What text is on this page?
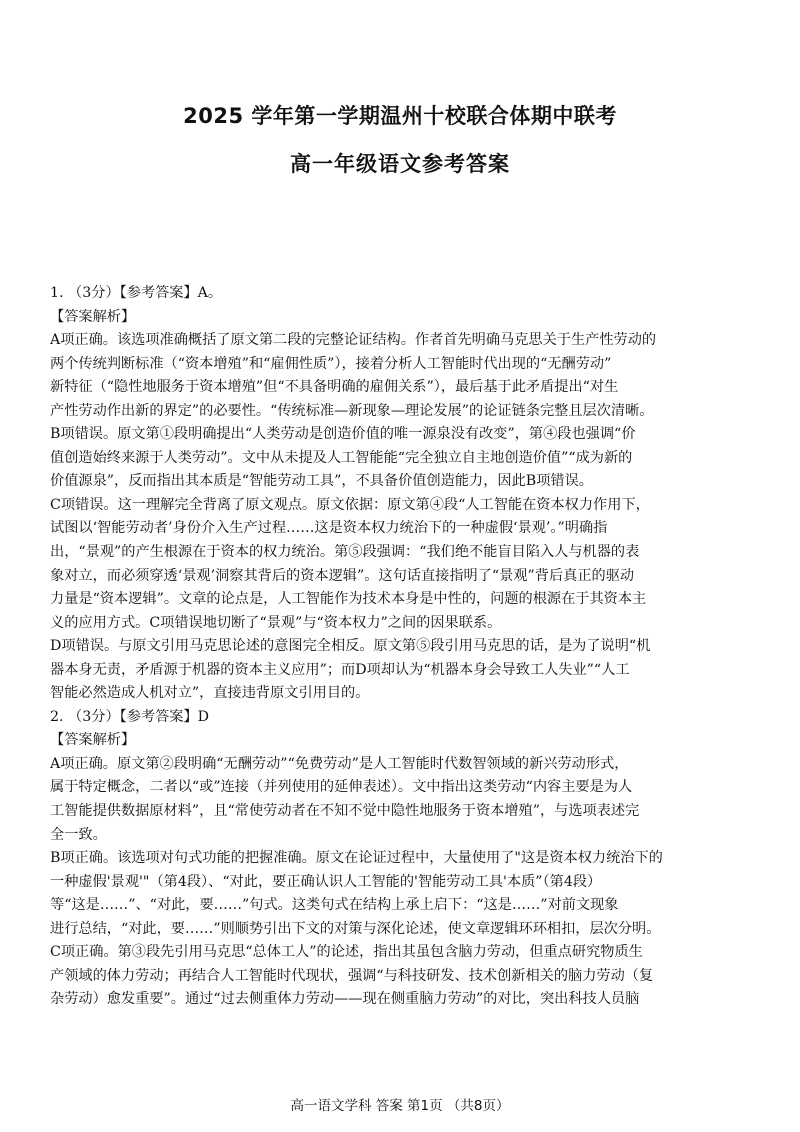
2025 学年第一学期温州十校联合体期中联考
高一年级语文参考答案
1. （3分）【参考答案】A。
【答案解析】
A项正确。该选项准确概括了原文第二段的完整论证结构。作者首先明确马克思关于生产性劳动的
两个传统判断标准（“资本增殖”和“雇佣性质”），接着分析人工智能时代出现的“无酬劳动”
新特征（“隐性地服务于资本增殖”但“不具备明确的雇佣关系”），最后基于此矛盾提出“对生
产性劳动作出新的界定”的必要性。“传统标准—新现象—理论发展”的论证链条完整且层次清晰。
B项错误。原文第①段明确提出“人类劳动是创造价值的唯一源泉没有改变”，第④段也强调“价
值创造始终来源于人类劳动”。文中从未提及人工智能能“完全独立自主地创造价值”“成为新的
价值源泉”，反而指出其本质是“智能劳动工具”，不具备价值创造能力，因此B项错误。
C项错误。这一理解完全背离了原文观点。原文依据：原文第④段“人工智能在资本权力作用下，
试图以‘智能劳动者’身份介入生产过程……这是资本权力统治下的一种虚假‘景观’。”明确指
出，“景观”的产生根源在于资本的权力统治。第⑤段强调：“我们绝不能盲目陷入人与机器的表
象对立，而必须穿透‘景观’洞察其背后的资本逻辑”。这句话直接指明了“景观”背后真正的驱动
力量是“资本逻辑”。文章的论点是，人工智能作为技术本身是中性的，问题的根源在于其资本主
义的应用方式。C项错误地切断了“景观”与“资本权力”之间的因果联系。
D项错误。与原文引用马克思论述的意图完全相反。原文第⑤段引用马克思的话，是为了说明“机
器本身无责，矛盾源于机器的资本主义应用”；而D项却认为“机器本身会导致工人失业”“人工
智能必然造成人机对立”，直接违背原文引用目的。
2. （3分）【参考答案】D
【答案解析】
A项正确。原文第②段明确“无酬劳动”“免费劳动”是人工智能时代数智领域的新兴劳动形式，
属于特定概念，二者以“或”连接（并列使用的延伸表述）。文中指出这类劳动“内容主要是为人
工智能提供数据原材料”，且“常使劳动者在不知不觉中隐性地服务于资本增殖”，与选项表述完
全一致。
B项正确。该选项对句式功能的把握准确。原文在论证过程中，大量使用了"这是资本权力统治下的
一种虚假'景观'"（第4段）、“对此，要正确认识人工智能的'智能劳动工具'本质”（第4段）
等“这是……”、“对此，要……”句式。这类句式在结构上承上启下：“这是……”对前文现象
进行总结，“对此，要……”则顺势引出下文的对策与深化论述，使文章逻辑环环相扣，层次分明。
C项正确。第③段先引用马克思“总体工人”的论述，指出其虽包含脑力劳动，但重点研究物质生
产领域的体力劳动；再结合人工智能时代现状，强调“与科技研发、技术创新相关的脑力劳动（复
杂劳动）愈发重要”。通过“过去侧重体力劳动——现在侧重脑力劳动”的对比，突出科技人员脑
高一语文学科 答案 第1页 （共8页）
